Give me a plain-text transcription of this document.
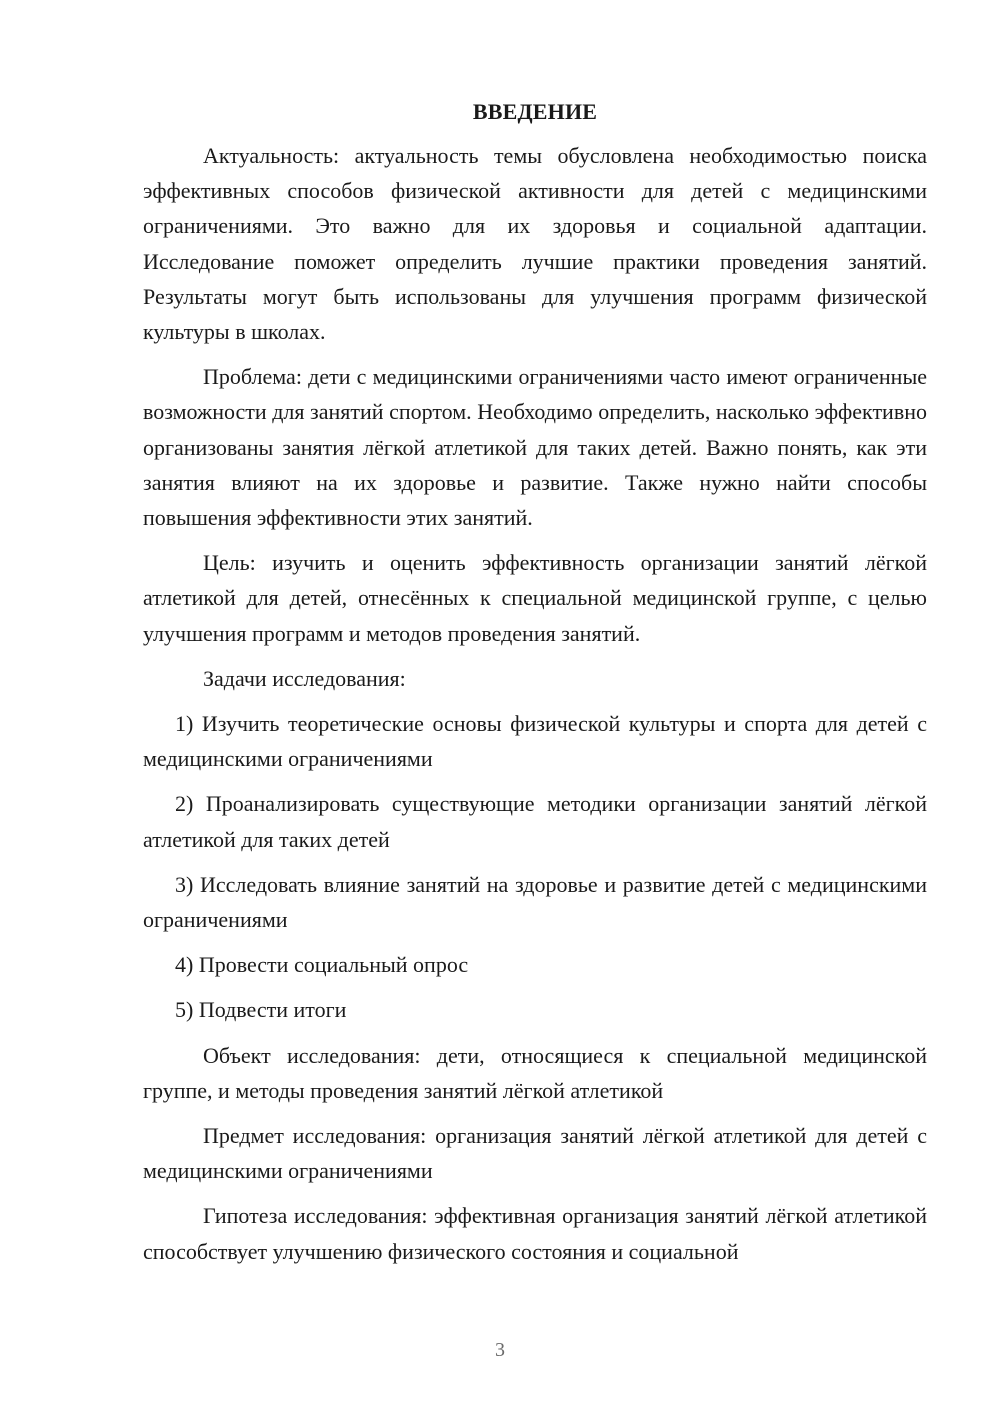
ВВЕДЕНИЕ

Актуальность: актуальность темы обусловлена необходимостью поиска эффективных способов физической активности для детей с медицинскими ограничениями. Это важно для их здоровья и социальной адаптации. Исследование поможет определить лучшие практики проведения занятий. Результаты могут быть использованы для улучшения программ физической культуры в школах.

Проблема: дети с медицинскими ограничениями часто имеют ограниченные возможности для занятий спортом. Необходимо определить, насколько эффективно организованы занятия лёгкой атлетикой для таких детей. Важно понять, как эти занятия влияют на их здоровье и развитие. Также нужно найти способы повышения эффективности этих занятий.

Цель: изучить и оценить эффективность организации занятий лёгкой атлетикой для детей, отнесённых к специальной медицинской группе, с целью улучшения программ и методов проведения занятий.

Задачи исследования:

1) Изучить теоретические основы физической культуры и спорта для детей с медицинскими ограничениями

2) Проанализировать существующие методики организации занятий лёгкой атлетикой для таких детей

3) Исследовать влияние занятий на здоровье и развитие детей с медицинскими ограничениями

4) Провести социальный опрос

5) Подвести итоги

Объект исследования: дети, относящиеся к специальной медицинской группе, и методы проведения занятий лёгкой атлетикой

Предмет исследования: организация занятий лёгкой атлетикой для детей с медицинскими ограничениями

Гипотеза исследования: эффективная организация занятий лёгкой атлетикой способствует улучшению физического состояния и социальной

3
